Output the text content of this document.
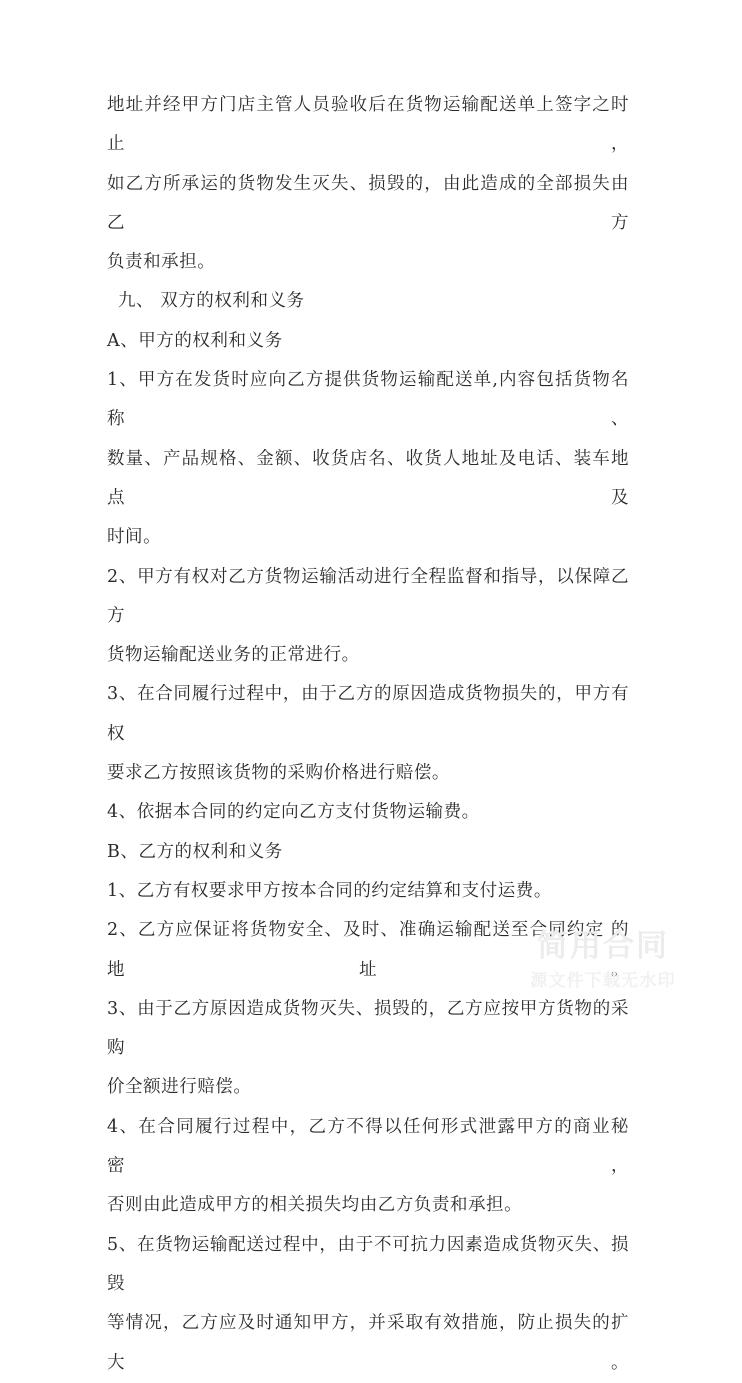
地址并经甲方门店主管人员验收后在货物运输配送单上签字之时止，
如乙方所承运的货物发生灭失、损毁的，由此造成的全部损失由乙方
负责和承担。
九、 双方的权利和义务
A、甲方的权利和义务
1、甲方在发货时应向乙方提供货物运输配送单,内容包括货物名称、
数量、产品规格、金额、收货店名、收货人地址及电话、装车地点及
时间。
2、甲方有权对乙方货物运输活动进行全程监督和指导，以保障乙方
货物运输配送业务的正常进行。
3、在合同履行过程中，由于乙方的原因造成货物损失的，甲方有权
要求乙方按照该货物的采购价格进行赔偿。
4、依据本合同的约定向乙方支付货物运输费。
B、乙方的权利和义务
1、乙方有权要求甲方按本合同的约定结算和支付运费。
2、乙方应保证将货物安全、及时、准确运输配送至合同约定 的地址。
3、由于乙方原因造成货物灭失、损毁的，乙方应按甲方货物的采购
价全额进行赔偿。
4、在合同履行过程中，乙方不得以任何形式泄露甲方的商业秘密，
否则由此造成甲方的相关损失均由乙方负责和承担。
5、在货物运输配送过程中，由于不可抗力因素造成货物灭失、损毁
等情况，乙方应及时通知甲方，并采取有效措施，防止损失的扩大。
简用合同
源文件下载无水印
